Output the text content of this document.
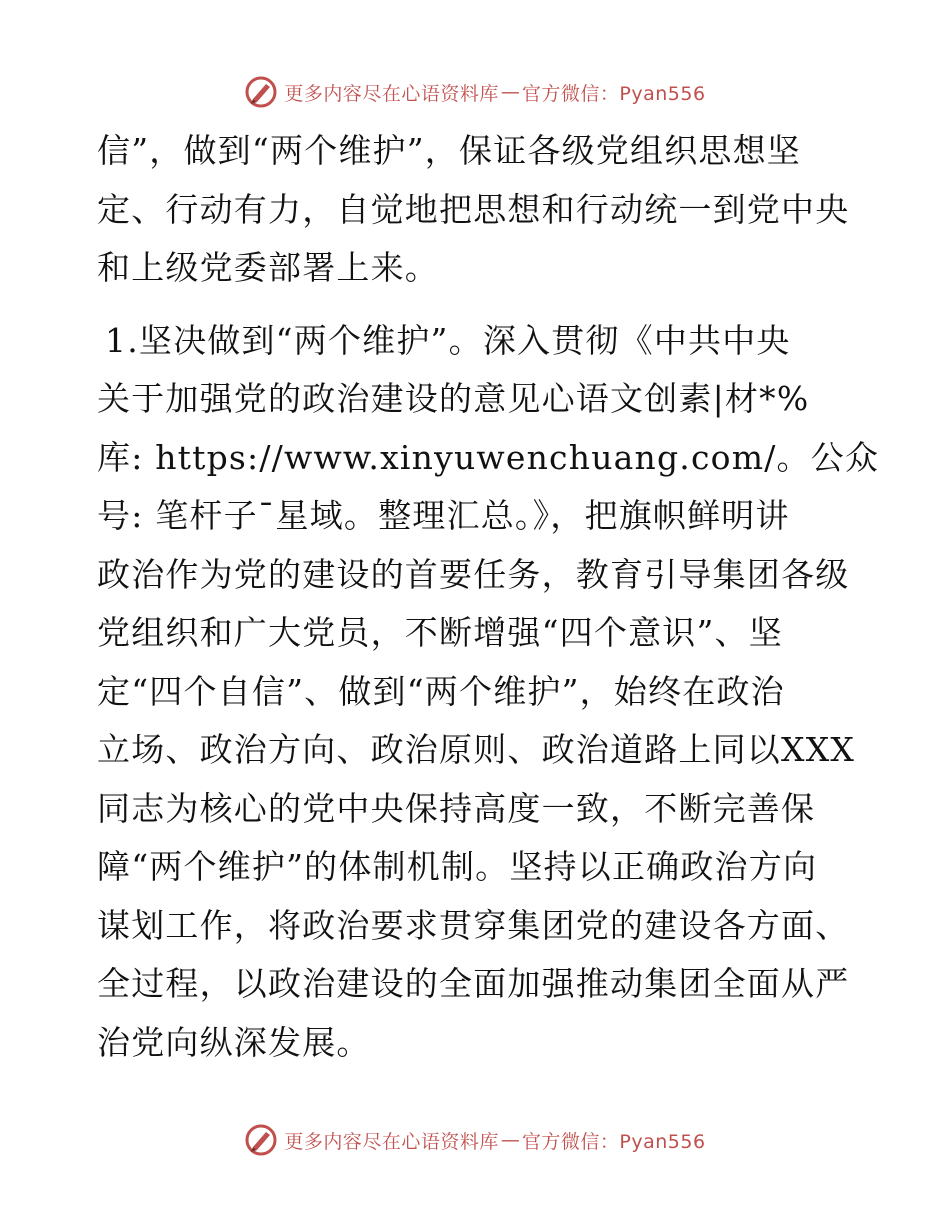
更多内容尽在心语资料库 — 官方微信：Pyan556
信”，做到“两个维护”，保证各级党组织思想坚
定、行动有力，自觉地把思想和行动统一到党中央
和上级党委部署上来。
1.坚决做到“两个维护”。深入贯彻《中共中央
关于加强党的政治建设的意见心语文创素|材*%
库: https://www.xinyuwenchuang.com/。公众
号: 笔杆子¯星域。整理汇总。》，把旗帜鲜明讲
政治作为党的建设的首要任务，教育引导集团各级
党组织和广大党员，不断增强“四个意识”、坚
定“四个自信”、做到“两个维护”，始终在政治
立场、政治方向、政治原则、政治道路上同以XXX
同志为核心的党中央保持高度一致，不断完善保
障“两个维护”的体制机制。坚持以正确政治方向
谋划工作，将政治要求贯穿集团党的建设各方面、
全过程，以政治建设的全面加强推动集团全面从严
治党向纵深发展。
更多内容尽在心语资料库 — 官方微信：Pyan556
